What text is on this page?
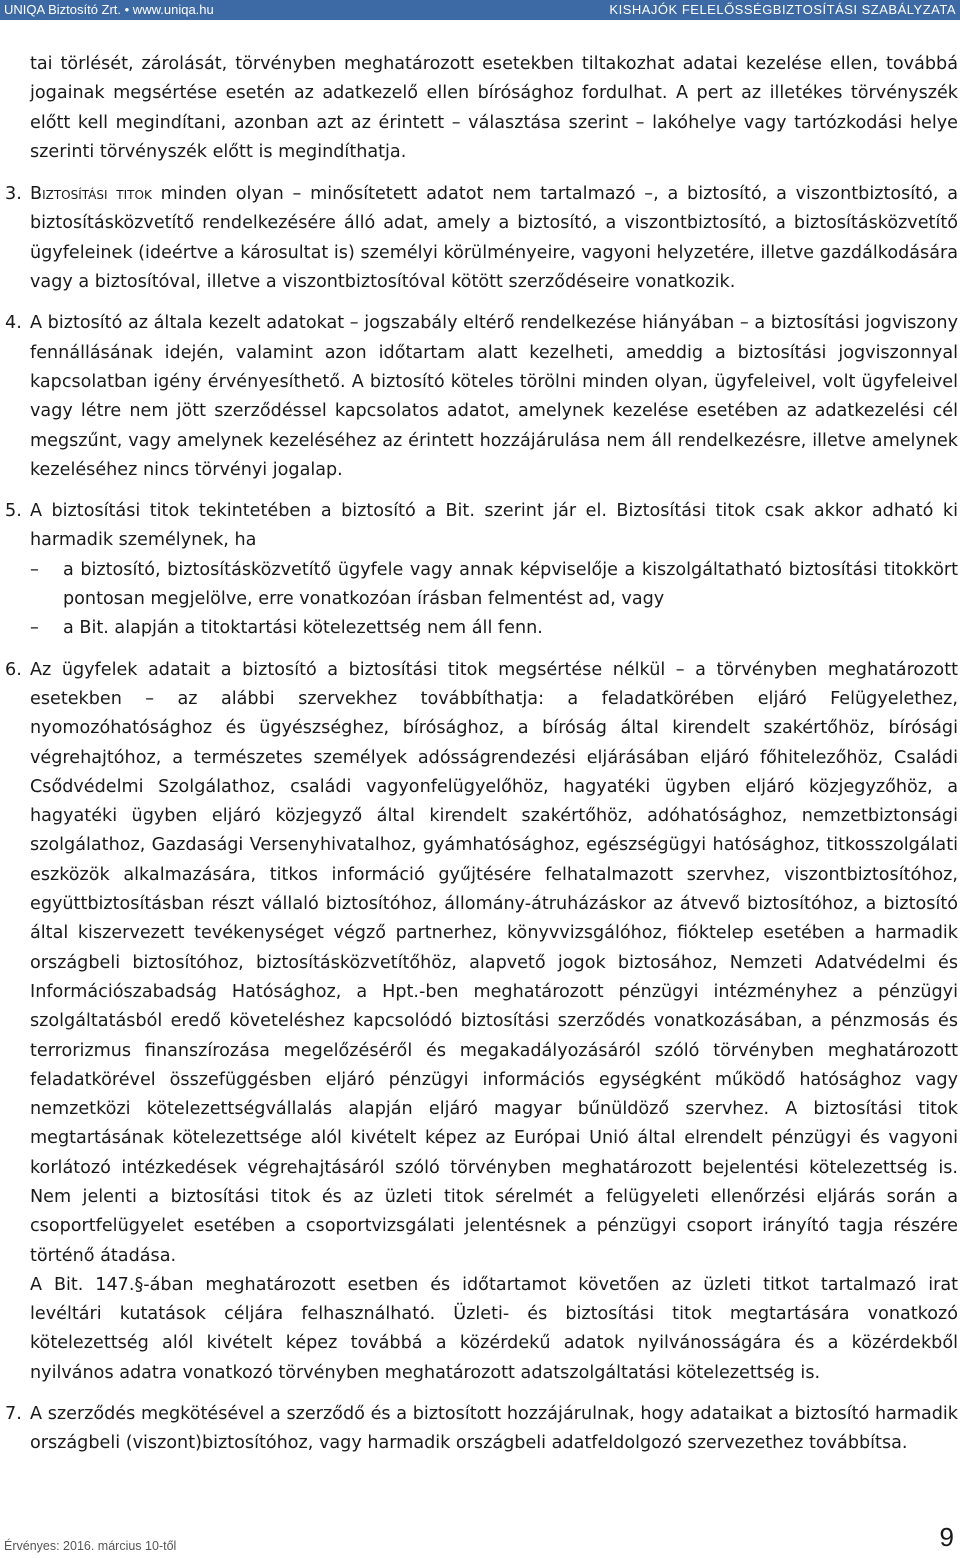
UNIQA Biztosító Zrt. • www.uniqa.hu	KISHAJÓK FELELŐSSÉGBIZTOSÍTÁSI SZABÁLYZATA

tai törlését, zárolását, törvényben meghatározott esetekben tiltakozhat adatai kezelése ellen, továbbá jogainak megsértése esetén az adatkezelő ellen bírósághoz fordulhat. A pert az illetékes törvényszék előtt kell megindítani, azonban azt az érintett – választása szerint – lakóhelye vagy tartózkodási helye szerinti törvényszék előtt is megindíthatja.

3. Biztosítási titok minden olyan – minősítetett adatot nem tartalmazó –, a biztosító, a viszontbiztosító, a biztosításközvetítő rendelkezésére álló adat, amely a biztosító, a viszontbiztosító, a biztosításközvetítő ügyfeleinek (ideértve a károsultat is) személyi körülményeire, vagyoni helyzetére, illetve gazdálkodására vagy a biztosítóval, illetve a viszontbiztosítóval kötött szerződéseire vonatkozik.

4. A biztosító az általa kezelt adatokat – jogszabály eltérő rendelkezése hiányában – a biztosítási jogviszony fennállásának idején, valamint azon időtartam alatt kezelheti, ameddig a biztosítási jogviszonnyal kapcsolatban igény érvényesíthető. A biztosító köteles törölni minden olyan, ügyfeleivel, volt ügyfeleivel vagy létre nem jött szerződéssel kapcsolatos adatot, amelynek kezelése esetében az adatkezelési cél megszűnt, vagy amelynek kezeléséhez az érintett hozzájárulása nem áll rendelkezésre, illetve amelynek kezeléséhez nincs törvényi jogalap.

5. A biztosítási titok tekintetében a biztosító a Bit. szerint jár el. Biztosítási titok csak akkor adható ki harmadik személynek, ha

– a biztosító, biztosításközvetítő ügyfele vagy annak képviselője a kiszolgáltatható biztosítási titokkört pontosan megjelölve, erre vonatkozóan írásban felmentést ad, vagy
– a Bit. alapján a titoktartási kötelezettség nem áll fenn.
6. Az ügyfelek adatait a biztosító a biztosítási titok megsértése nélkül – a törvényben meghatározott esetekben – az alábbi szervekhez továbbíthatja: a feladatkörében eljáró Felügyelethez, nyomozóhatósághoz és ügyészséghez, bírósághoz, a bíróság által kirendelt szakértőhöz, bírósági végrehajtóhoz, a természetes személyek adósságrendezési eljárásában eljáró főhitelezőhöz, Családi Csődvédelmi Szolgálathoz, családi vagyonfelügyelőhöz, hagyatéki ügyben eljáró közjegyzőhöz, a hagyatéki ügyben eljáró közjegyző által kirendelt szakértőhöz, adóhatósághoz, nemzetbiztonsági szolgálathoz, Gazdasági Versenyhivatalhoz, gyámhatósághoz, egészségügyi hatósághoz, titkosszolgálati eszközök alkalmazására, titkos információ gyűjtésére felhatalmazott szervhez, viszontbiztosítóhoz, együttbiztosításban részt vállaló biztosítóhoz, állomány-átruházáskor az átvevő biztosítóhoz, a biztosító által kiszervezett tevékenységet végző partnerhez, könyvvizsgálóhoz, fióktelep esetében a harmadik országbeli biztosítóhoz, biztosításközvetítőhöz, alapvető jogok biztosához, Nemzeti Adatvédelmi és Információszabadság Hatósághoz, a Hpt.-ben meghatározott pénzügyi intézményhez a pénzügyi szolgáltatásból eredő követeléshez kapcsolódó biztosítási szerződés vonatkozásában, a pénzmosás és terrorizmus finanszírozása megelőzéséről és megakadályozásáról szóló törvényben meghatározott feladatkörével összefüggésben eljáró pénzügyi információs egységként működő hatósághoz vagy nemzetközi kötelezettségvállalás alapján eljáró magyar bűnüldöző szervhez. A biztosítási titok megtartásának kötelezettsége alól kivételt képez az Európai Unió által elrendelt pénzügyi és vagyoni korlátozó intézkedések végrehajtásáról szóló törvényben meghatározott bejelentési kötelezettség is. Nem jelenti a biztosítási titok és az üzleti titok sérelmét a felügyeleti ellenőrzési eljárás során a csoportfelügyelet esetében a csoportvizsgálati jelentésnek a pénzügyi csoport irányító tagja részére történő átadása.

A Bit. 147.§-ában meghatározott esetben és időtartamot követően az üzleti titkot tartalmazó irat levéltári kutatások céljára felhasználható. Üzleti- és biztosítási titok megtartására vonatkozó kötelezettség alól kivételt képez továbbá a közérdekű adatok nyilvánosságára és a közérdekből nyilvános adatra vonatkozó törvényben meghatározott adatszolgáltatási kötelezettség is.

7. A szerződés megkötésével a szerződő és a biztosított hozzájárulnak, hogy adataikat a biztosító harmadik országbeli (viszont)biztosítóhoz, vagy harmadik országbeli adatfeldolgozó szervezethez továbbítsa.

Érvényes: 2016. március 10-től	9
